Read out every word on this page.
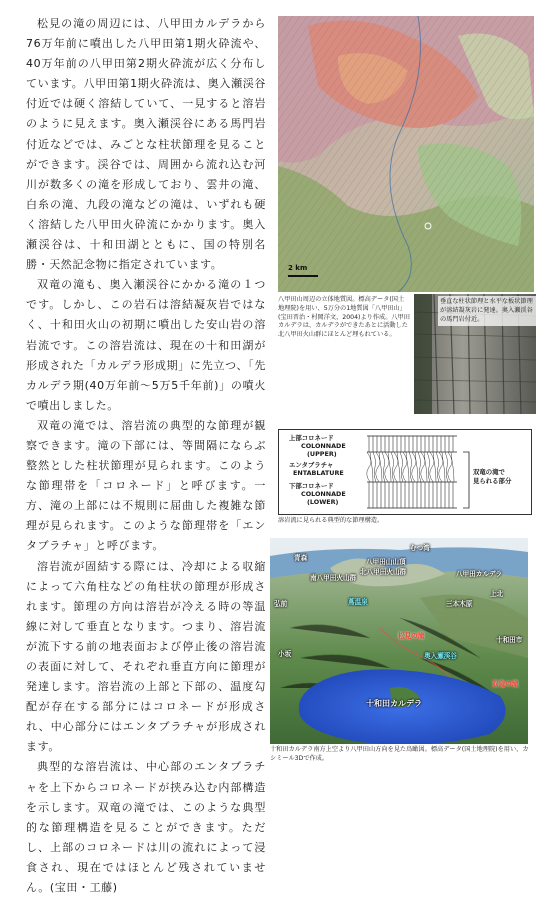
松見の滝の周辺には、八甲田カルデラから76万年前に噴出した八甲田第1期火砕流や、40万年前の八甲田第2期火砕流が広く分布しています。八甲田第1期火砕流は、奥入瀬渓谷付近では硬く溶結していて、一見すると溶岩のように見えます。奥入瀬渓谷にある馬門岩付近などでは、みごとな柱状節理を見ることができます。渓谷では、周囲から流れ込む河川が数多くの滝を形成しており、雲井の滝、白糸の滝、九段の滝などの滝は、いずれも硬く溶結した八甲田火砕流にかかります。奥入瀬渓谷は、十和田湖とともに、国の特別名勝・天然記念物に指定されています。

双竜の滝も、奥入瀬渓谷にかかる滝の１つです。しかし、この岩石は溶結凝灰岩ではなく、十和田火山の初期に噴出した安山岩の溶岩流です。この溶岩流は、現在の十和田湖が形成された「カルデラ形成期」に先立つ、「先カルデラ期(40万年前〜5万5千年前)」の噴火で噴出しました。

双竜の滝では、溶岩流の典型的な節理が観察できます。滝の下部には、等間隔にならぶ整然とした柱状節理が見られます。このような節理帯を「コロネード」と呼びます。一方、滝の上部には不規則に屈曲した複雑な節理が見られます。このような節理帯を「エンタブラチャ」と呼びます。

溶岩流が固結する際には、冷却による収縮によって六角柱などの角柱状の節理が形成されます。節理の方向は溶岩が冷える時の等温線に対して垂直となります。つまり、溶岩流が流下する前の地表面および停止後の溶岩流の表面に対して、それぞれ垂直方向に節理が発達します。溶岩流の上部と下部の、温度勾配が存在する部分にはコロネードが形成され、中心部分にはエンタブラチャが形成されます。

典型的な溶岩流は、中心部のエンタブラチャを上下からコロネードが挟み込む内部構造を示します。双竜の滝では、このような典型的な節理構造を見ることができます。ただし、上部のコロネードは川の流れによって浸食され、現在ではほとんど残されていません。(宝田・工藤)

2 km
八甲田山周辺の立体地質図。標高データ(国土地理院)を用い、5万分の1地質図「八甲田山」(宝田晋治・村岡洋文，2004)より作成。八甲田カルデラは、カルデラができたあとに活動した北八甲田火山群にほとんど埋もれている。
垂直な柱状節理と水平な板状節理が溶結凝灰岩に発達。奥入瀬渓谷の馬門岩付近。
上部コロネード
COLONNADE
(UPPER)
エンタブラチャ
ENTABLATURE
下部コロネード
COLONNADE
(LOWER)
双竜の滝で
見られる部分
溶岩流に見られる典型的な節理構造。
八甲田山山頂
八甲田カルデラ
北八甲田火山群
南八甲田火山群
三本木原
蔦温泉
松見の滝
奥入瀬渓谷
双竜の滝
十和田カルデラ
小坂
上北
十和田市
青森
弘前
むつ湾
十和田カルデラ南方上空より八甲田山方向を見た鳥瞰図。標高データ(国土地理院)を用い、カシミール3Dで作成。
